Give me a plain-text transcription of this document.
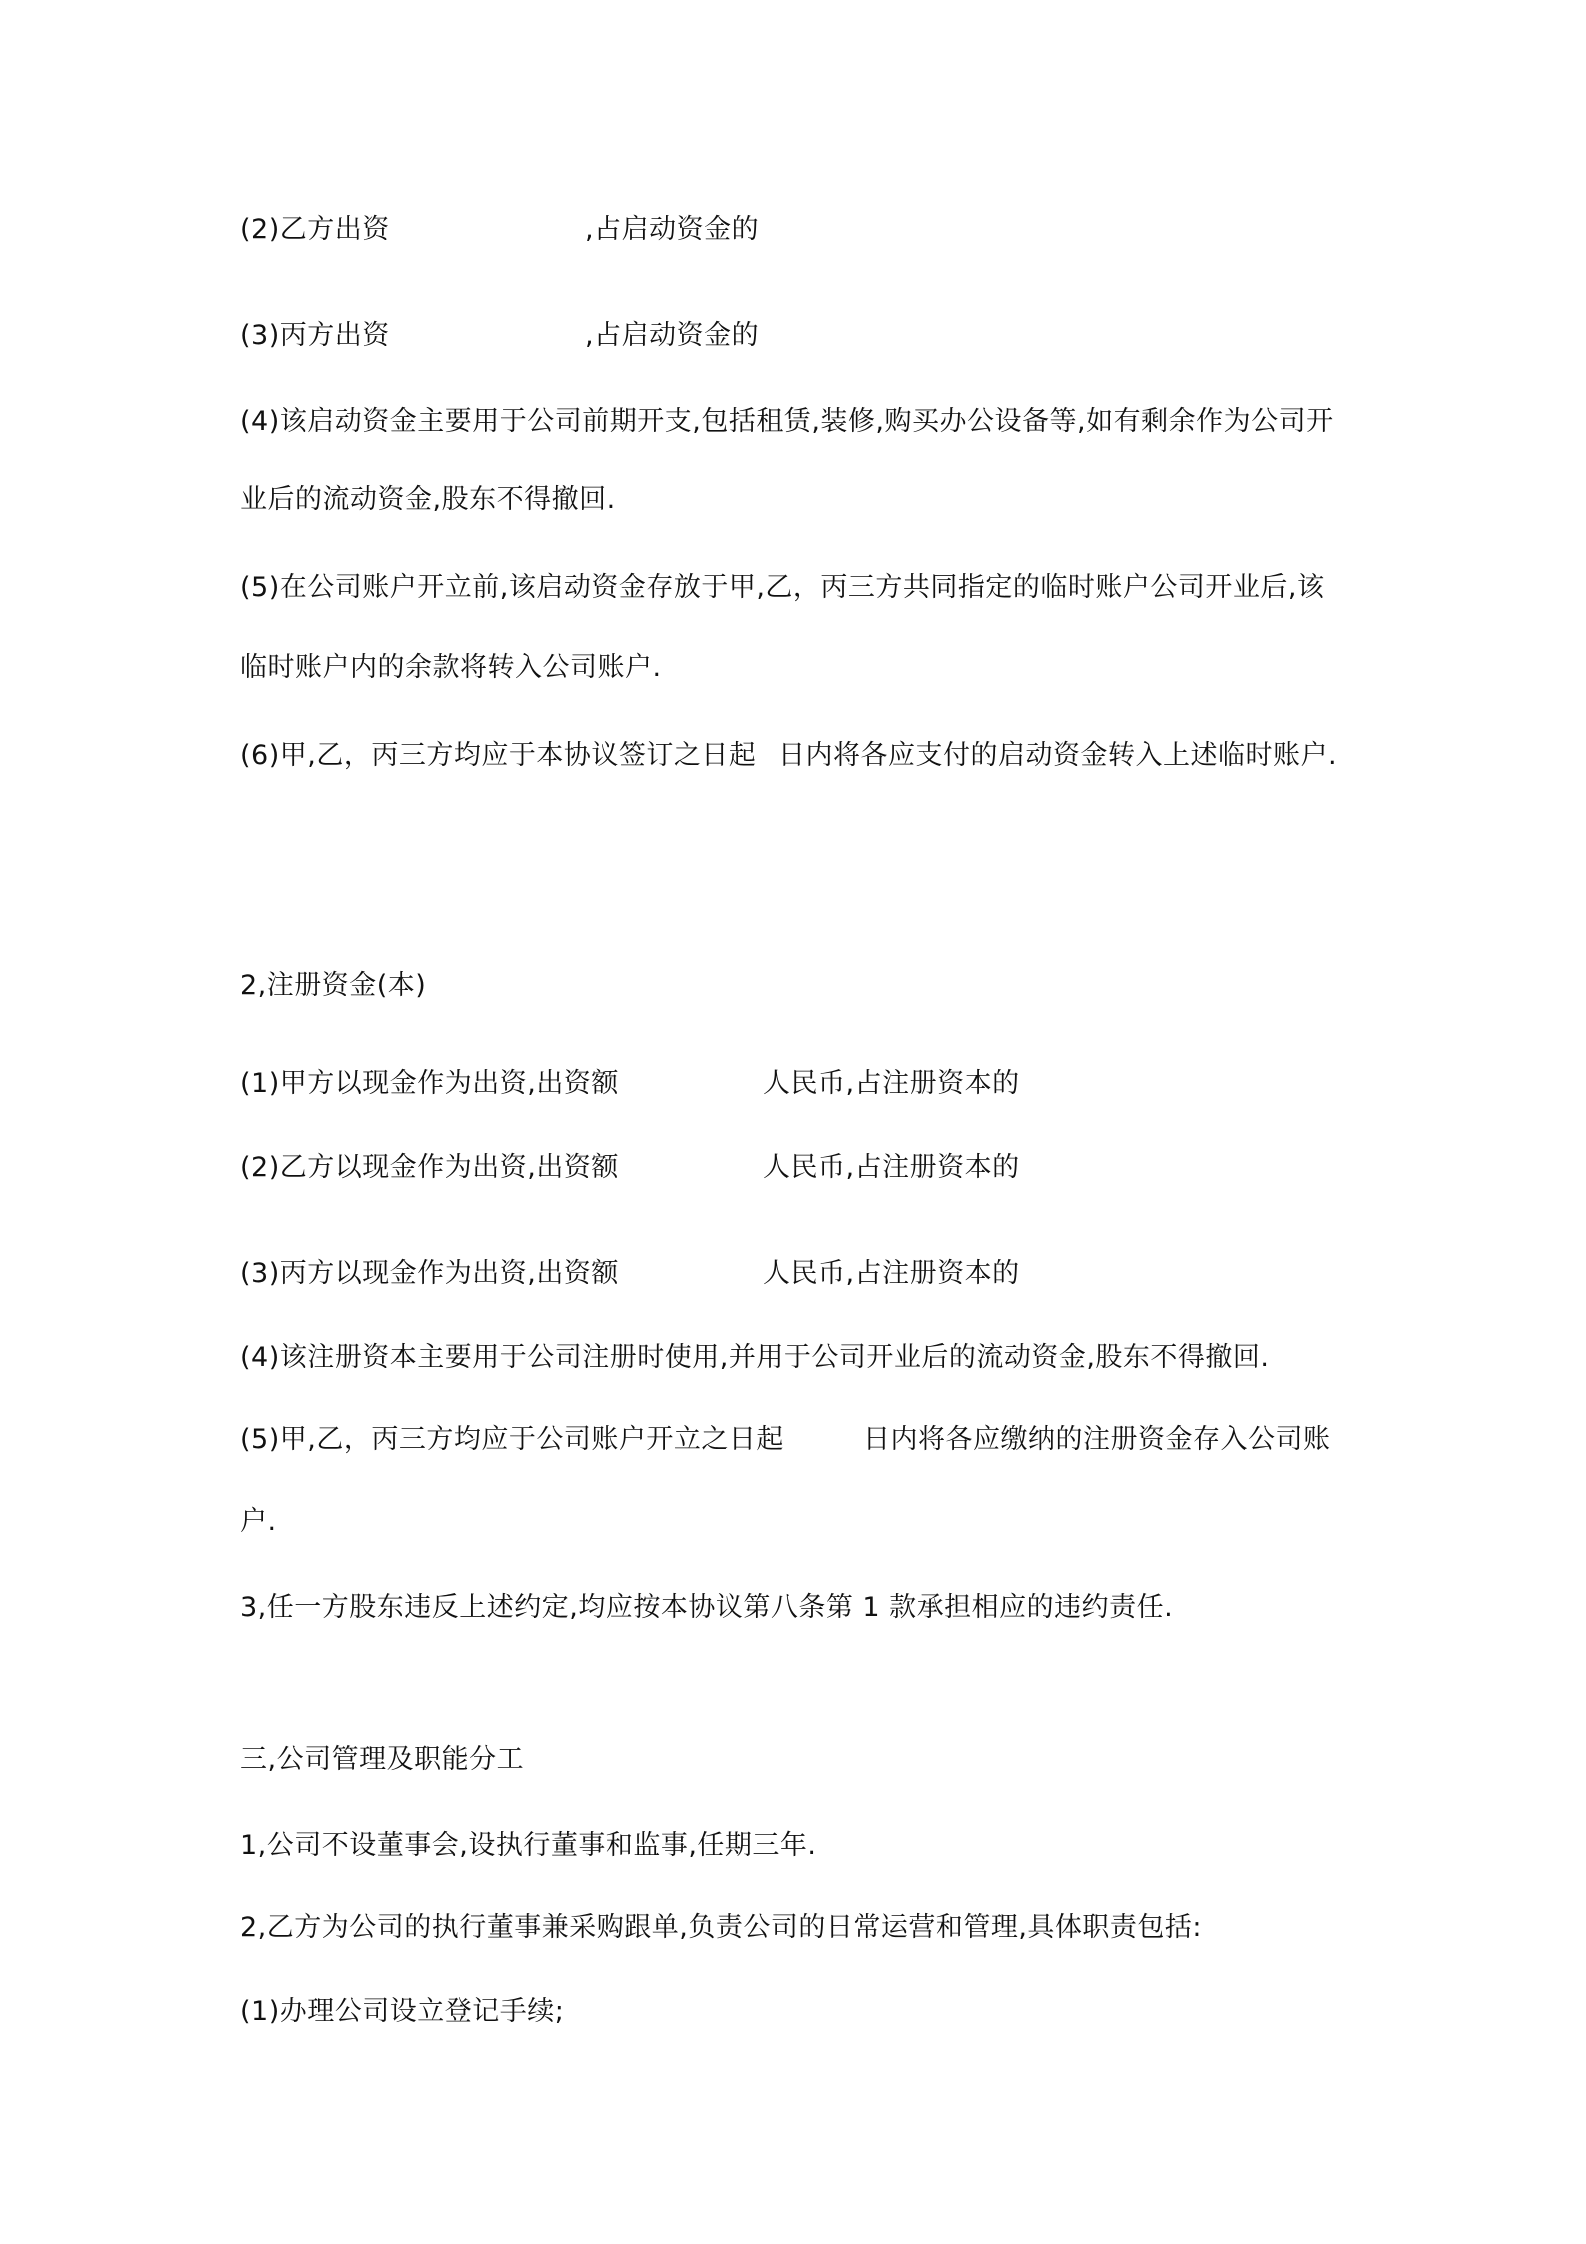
(2)乙方出资	,占启动资金的
(3)丙方出资	,占启动资金的
(4)该启动资金主要用于公司前期开支,包括租赁,装修,购买办公设备等,如有剩余作为公司开
业后的流动资金,股东不得撤回.
(5)在公司账户开立前,该启动资金存放于甲,乙，丙三方共同指定的临时账户公司开业后,该
临时账户内的余款将转入公司账户.
(6)甲,乙，丙三方均应于本协议签订之日起 日内将各应支付的启动资金转入上述临时账户.
2,注册资金(本)
(1)甲方以现金作为出资,出资额	人民币,占注册资本的
(2)乙方以现金作为出资,出资额	人民币,占注册资本的
(3)丙方以现金作为出资,出资额	人民币,占注册资本的
(4)该注册资本主要用于公司注册时使用,并用于公司开业后的流动资金,股东不得撤回.
(5)甲,乙，丙三方均应于公司账户开立之日起	日内将各应缴纳的注册资金存入公司账
户.
3,任一方股东违反上述约定,均应按本协议第八条第 1 款承担相应的违约责任.
三,公司管理及职能分工
1,公司不设董事会,设执行董事和监事,任期三年.
2,乙方为公司的执行董事兼采购跟单,负责公司的日常运营和管理,具体职责包括:
(1)办理公司设立登记手续;
